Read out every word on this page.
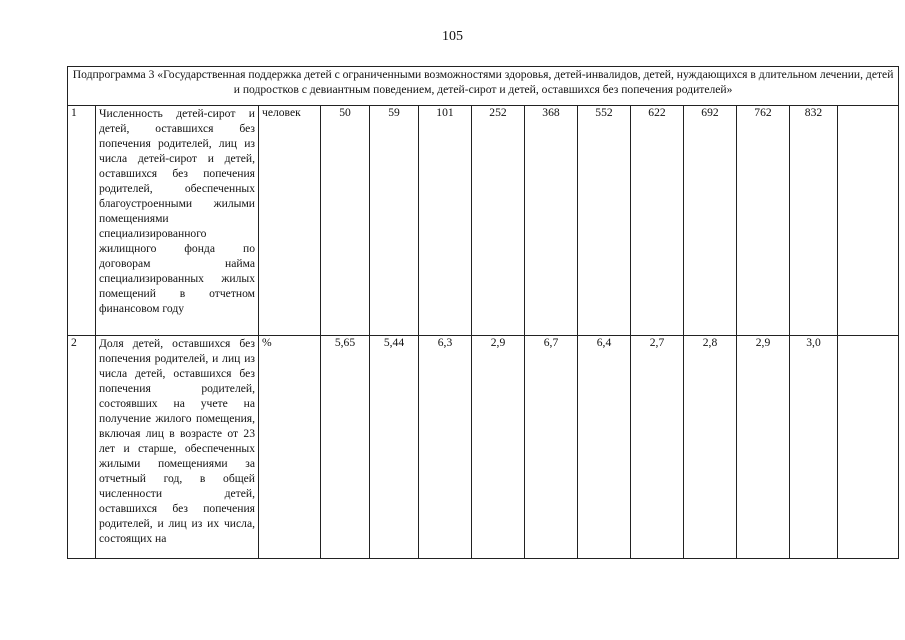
105
Подпрограмма 3 «Государственная поддержка детей с ограниченными возможностями здоровья, детей-инвалидов, детей, нуждающихся в длительном лечении, детей и подростков с девиантным поведением, детей-сирот и детей, оставшихся без попечения родителей»													
1	Численность детей-сирот и детей, оставшихся без попечения родителей, лиц из числа детей-сирот и детей, оставшихся без попечения родителей, обеспеченных благоустроенными жилыми помещениями специализированного жилищного фонда по договорам найма специализированных жилых помещений в отчетном финансовом году	человек	50	59	101	252	368	552	622	692	762	832	
2	Доля детей, оставшихся без попечения родителей, и лиц из числа детей, оставшихся без попечения родителей, состоявших на учете на получение жилого помещения, включая лиц в возрасте от 23 лет и старше, обеспеченных жилыми помещениями за отчетный год, в общей численности детей, оставшихся без попечения родителей, и лиц из их числа, состоящих на	%	5,65	5,44	6,3	2,9	6,7	6,4	2,7	2,8	2,9	3,0	
